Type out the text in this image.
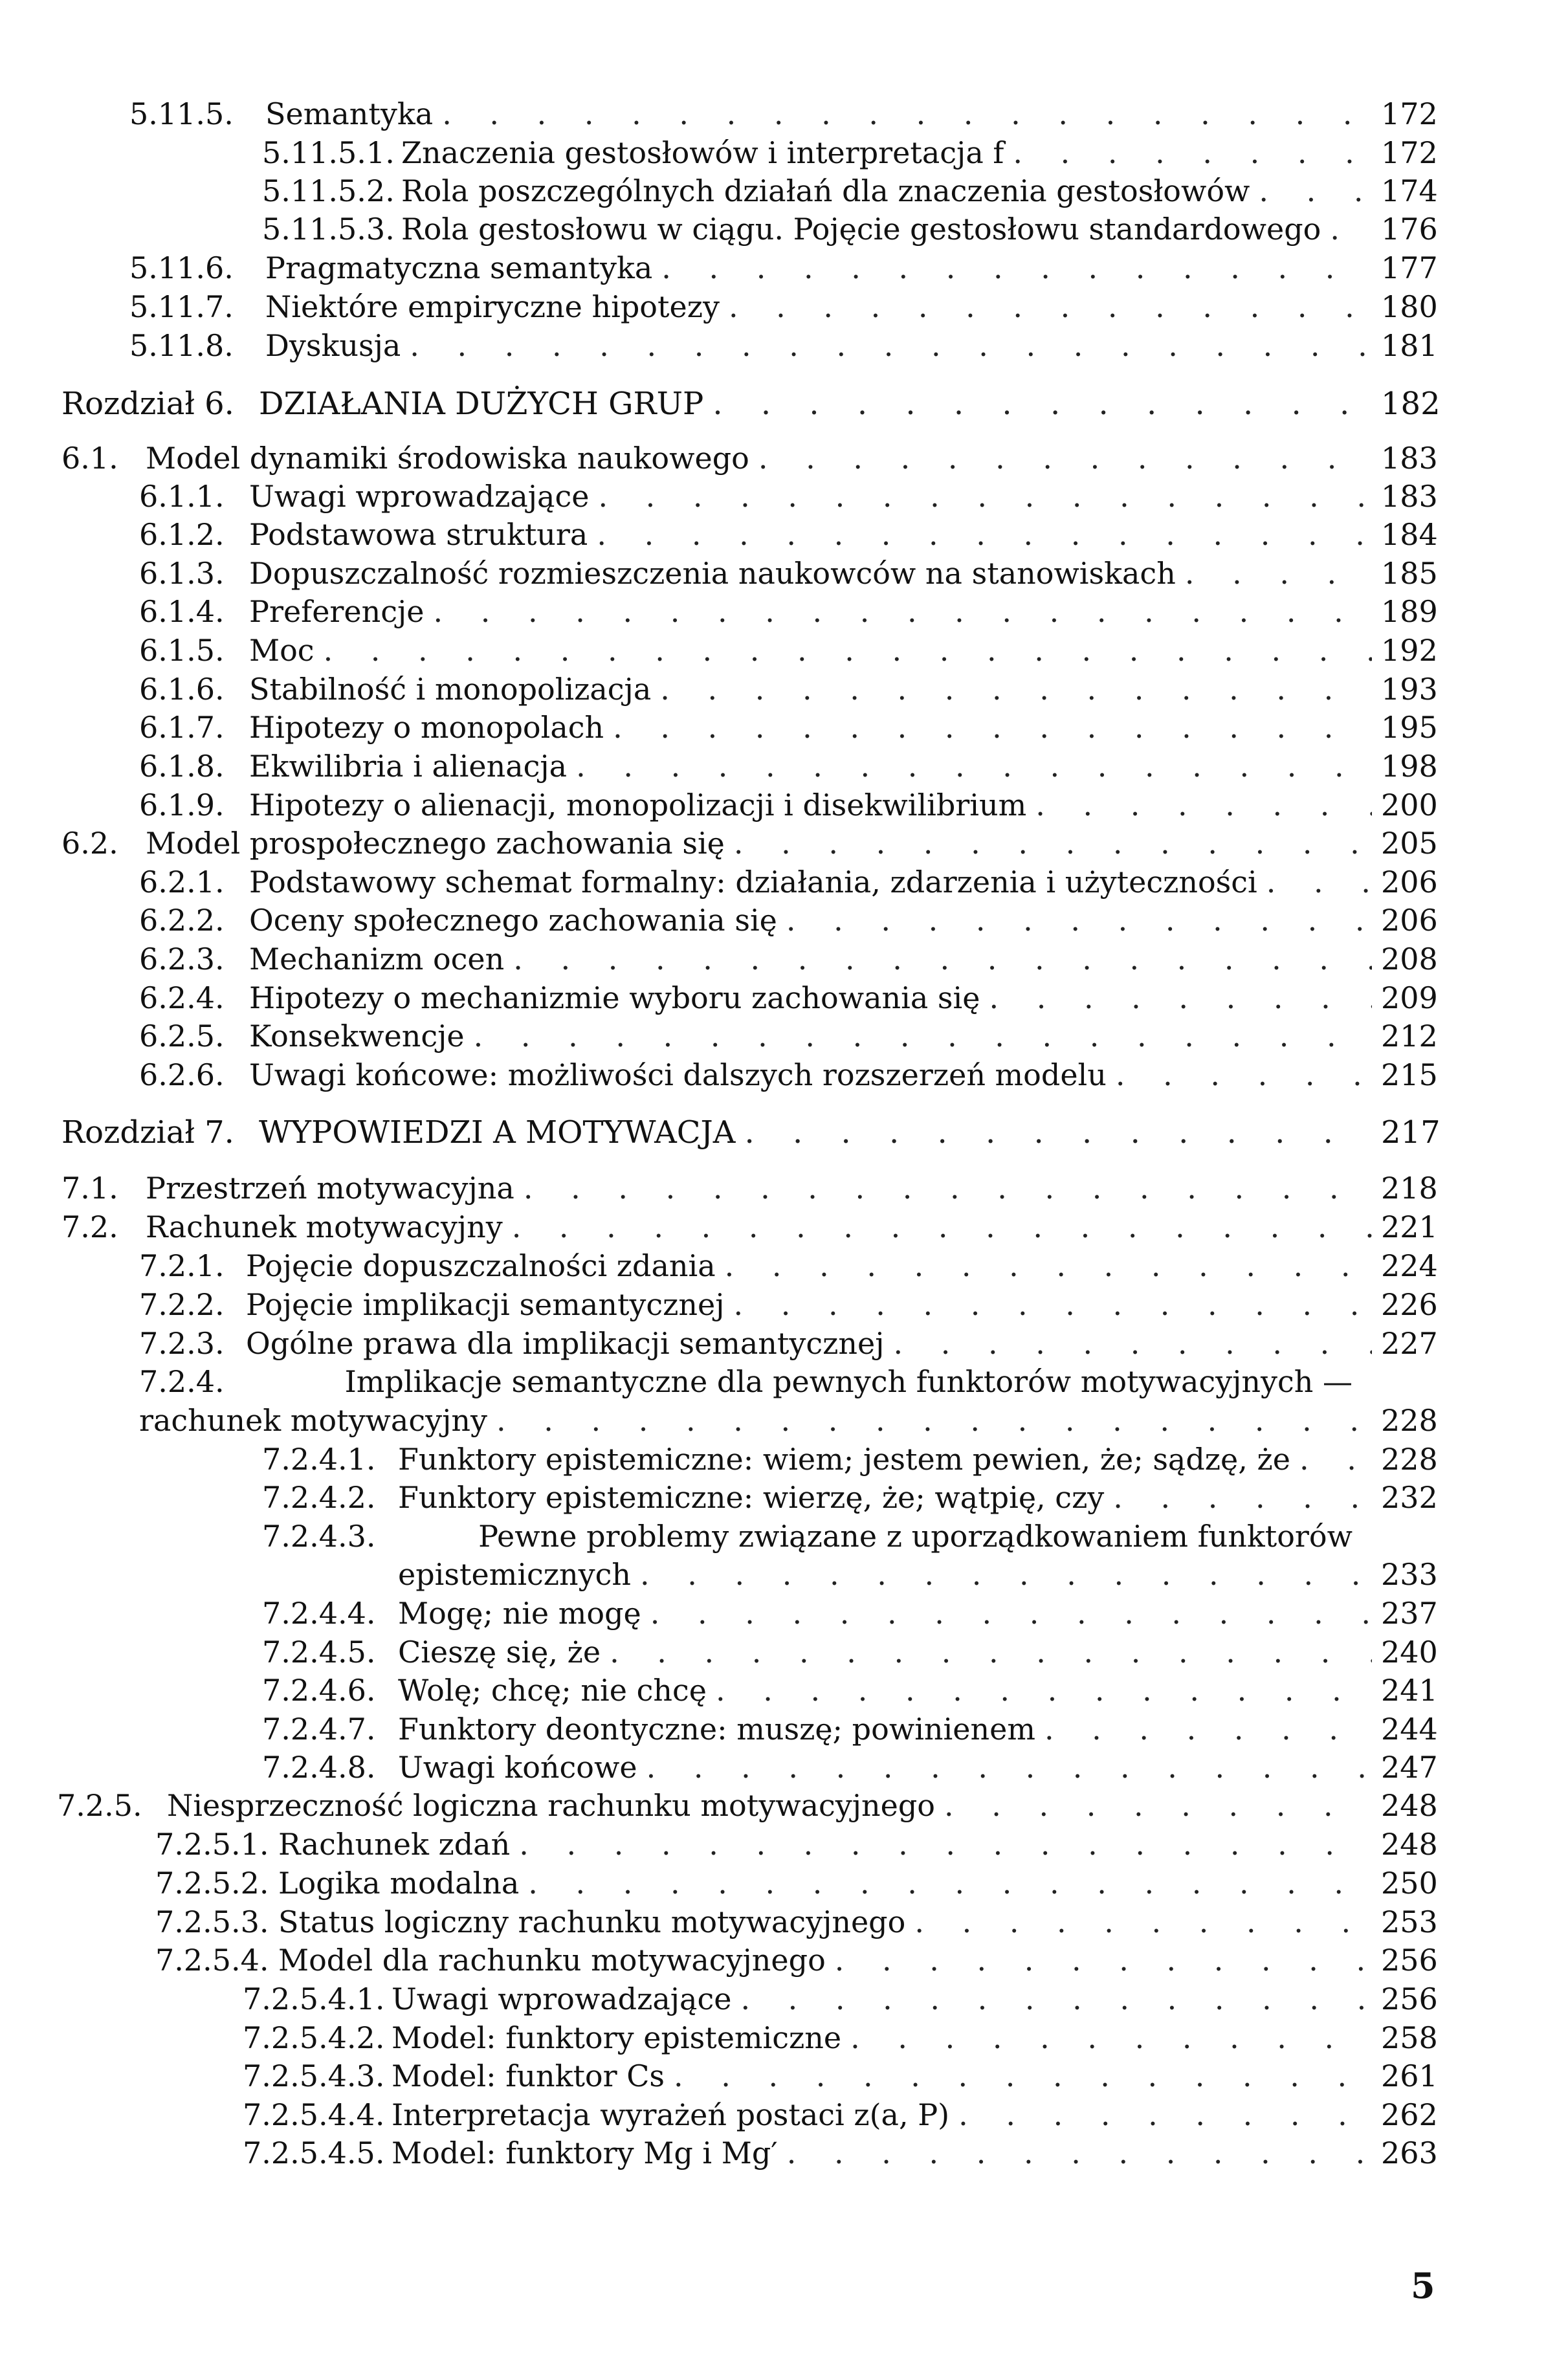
5.11.5.	Semantyka . . .	172
5.11.5.1. Znaczenia gestosłowów i interpretacja f . . .	172
5.11.5.2. Rola poszczególnych działań dla znaczenia gestosłowów . . .	174
5.11.5.3. Rola gestosłowu w ciągu. Pojęcie gestosłowu standardowego . . . 176
5.11.6.	Pragmatyczna semantyka . . .	177
5.11.7.	Niektóre empiryczne hipotezy . . .	180
5.11.8.	Dyskusja . . .	181
Rozdział 6. DZIAŁANIA DUŻYCH GRUP . . .	182
6.1. Model dynamiki środowiska naukowego . . .	183
6.1.1. Uwagi wprowadzające . . .	183
6.1.2. Podstawowa struktura . . .	184
6.1.3. Dopuszczalność rozmieszczenia naukowców na stanowiskach . . .	185
6.1.4. Preferencje . . .	189
6.1.5. Moc . . .	192
6.1.6. Stabilność i monopolizacja . . .	193
6.1.7. Hipotezy o monopolach . . .	195
6.1.8. Ekwilibria i alienacja . . .	198
6.1.9. Hipotezy o alienacji, monopolizacji i disekwilibrium . . .	200
6.2. Model prospołecznego zachowania się . . .	205
6.2.1. Podstawowy schemat formalny: działania, zdarzenia i użyteczności . . .	206
6.2.2. Oceny społecznego zachowania się . . .	206
6.2.3. Mechanizm ocen . . .	208
6.2.4. Hipotezy o mechanizmie wyboru zachowania się . . .	209
6.2.5. Konsekwencje . . .	212
6.2.6. Uwagi końcowe: możliwości dalszych rozszerzeń modelu . . .	215
Rozdział 7. WYPOWIEDZI A MOTYWACJA . . .	217
7.1. Przestrzeń motywacyjna . . .	218
7.2. Rachunek motywacyjny . . .	221
7.2.1. Pojęcie dopuszczalności zdania . . .	224
7.2.2. Pojęcie implikacji semantycznej . . .	226
7.2.3. Ogólne prawa dla implikacji semantycznej . . .	227
7.2.4.	Implikacje semantyczne dla pewnych funktorów motywacyjnych —
rachunek motywacyjny . . .	228
7.2.4.1. Funktory epistemiczne: wiem; jestem pewien, że; sądzę, że . . .	228
7.2.4.2. Funktory epistemiczne: wierzę, że; wątpię, czy . . .	232
7.2.4.3.	Pewne problemy związane z uporządkowaniem funktorów
epistemicznych . . .	233
7.2.4.4. Mogę; nie mogę . . .	237
7.2.4.5. Cieszę się, że . . .	240
7.2.4.6. Wolę; chcę; nie chcę . . .	241
7.2.4.7. Funktory deontyczne: muszę; powinienem . . .	244
7.2.4.8. Uwagi końcowe . . .	247
7.2.5. Niesprzeczność logiczna rachunku motywacyjnego . . .	248
7.2.5.1. Rachunek zdań . . .	248
7.2.5.2. Logika modalna . . .	250
7.2.5.3. Status logiczny rachunku motywacyjnego . . .	253
7.2.5.4. Model dla rachunku motywacyjnego . . .	256
7.2.5.4.1. Uwagi wprowadzające . . .	256
7.2.5.4.2. Model: funktory epistemiczne . . .	258
7.2.5.4.3. Model: funktor Cs . . .	261
7.2.5.4.4. Interpretacja wyrażeń postaci z(a, P) . . .	262
7.2.5.4.5. Model: funktory Mg i Mg′ . . .	263
5
